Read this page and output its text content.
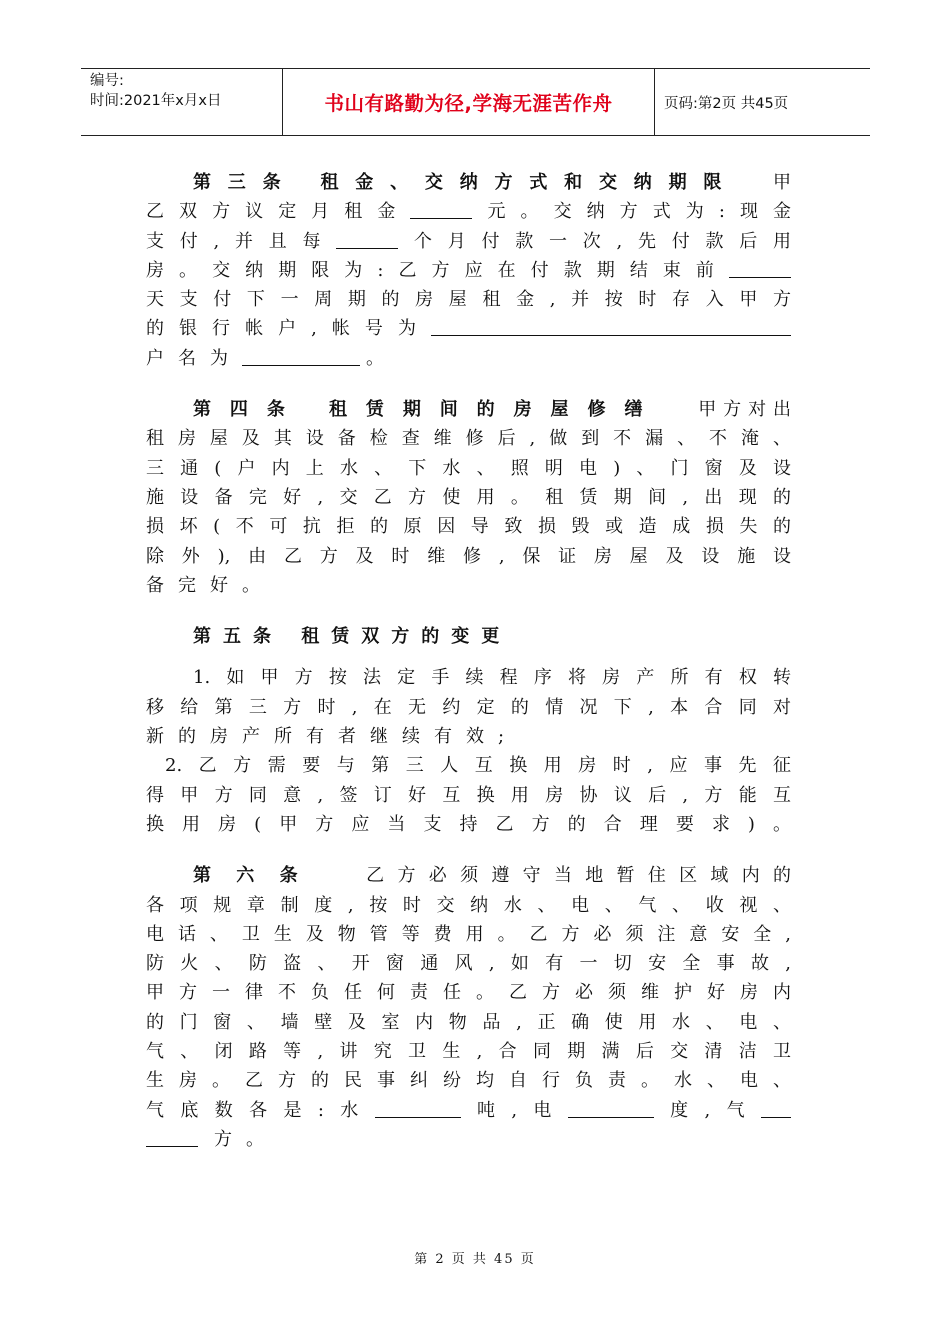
编号:
时间:2021年x月x日	书山有路勤为径,学海无涯苦作舟	页码:第2页 共45页
第三条 租金、交纳方式和交纳期限 甲
乙双方议定月租金	元。交纳方式为:现金
支付,并且每	个月付款一次,先付款后用
房。交纳期限为:乙方应在付款期结束前
天支付下一周期的房屋租金,并按时存入甲方
的银行帐户,帐号为
户名为	。
第四条 租赁期间的房屋修缮 甲方对出
租房屋及其设备检查维修后,做到不漏、不淹、
三通(户内上水、下水、照明电)、门窗及设
施设备完好,交乙方使用。租赁期间,出现的
损坏(不可抗拒的原因导致损毁或造成损失的
除外),由乙方及时维修,保证房屋及设施设
备完好。
第五条 租赁双方的变更
1.如甲方按法定手续程序将房产所有权转
移给第三方时,在无约定的情况下,本合同对
新的房产所有者继续有效;
2.乙方需要与第三人互换用房时,应事先征
得甲方同意,签订好互换用房协议后,方能互
换用房(甲方应当支持乙方的合理要求)。
第六条 乙方必须遵守当地暂住区域内的
各项规章制度,按时交纳水、电、气、收视、
电话、卫生及物管等费用。乙方必须注意安全,
防火、防盗、开窗通风,如有一切安全事故,
甲方一律不负任何责任。乙方必须维护好房内
的门窗、墙壁及室内物品,正确使用水、电、
气、闭路等,讲究卫生,合同期满后交清洁卫
生房。乙方的民事纠纷均自行负责。水、电、
气底数各是:水	吨,电	度,气
方。
第 2 页 共 45 页
